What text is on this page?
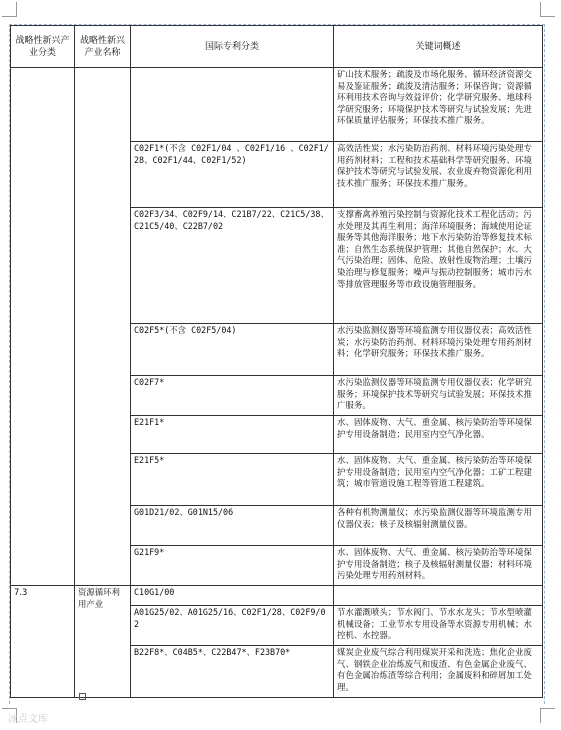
战略性新兴产业分类	战略性新兴产业名称	国际专利分类	关键词概述
			矿山技术服务；疏浚及市场化服务、循环经济资源交易及鉴证服务；疏浚及清洁服务；环保咨询；资源循环利用技术咨询与效益评价；化学研究服务、地球科学研究服务；环境保护技术等研究与试验发展；先进环保质量评估服务；环保技术推广服务。
		C02F1*(不含 C02F1/04 、C02F1/16 、C02F1/28、C02F1/44、C02F1/52)	高效活性炭；水污染防治药剂、材料环境污染处理专用药剂材料；工程和技术基础科学等研究服务、环境保护技术等研究与试验发展、农业废弃物资源化利用技术推广服务；环保技术推广服务。
		C02F3/34、C02F9/14、C21B7/22、C21C5/38、C21C5/40、C22B7/02	支撑畜禽养殖污染控制与资源化技术工程化活动；污水处理及其再生利用；海洋环境服务；海域使用论证服务等其他海洋服务；地下水污染防治等修复技术标准；自然生态系统保护管理；其他自然保护；水、大气污染治理；固体、危险、放射性废物治理；土壤污染治理与修复服务；噪声与振动控制服务；城市污水等排放管理服务等市政设施管理服务。
		C02F5*(不含 C02F5/04)	水污染监测仪器等环境监测专用仪器仪表；高效活性炭；水污染防治药剂、材料环境污染处理专用药剂材料；化学研究服务；环保技术推广服务。
		C02F7*	水污染监测仪器等环境监测专用仪器仪表；化学研究服务；环境保护技术等研究与试验发展；环保技术推广服务。
		E21F1*	水、固体废物、大气、重金属、核污染防治等环境保护专用设备制造；民用室内空气净化器。
		E21F5*	水、固体废物、大气、重金属、核污染防治等环境保护专用设备制造；民用室内空气净化器；工矿工程建筑；城市管道设施工程等管道工程建筑。
		G01D21/02、G01N15/06	各种有机物测量仪；水污染监测仪器等环境监测专用仪器仪表；核子及核辐射测量仪器。
		G21F9*	水、固体废物、大气、重金属、核污染防治等环境保护专用设备制造；核子及核辐射测量仪器；材料环境污染处理专用药剂材料。
7.3	资源循环利用产业	C10G1/00	
		A01G25/02、A01G25/16、C02F1/28、C02F9/02	节水灌溉喷头；节水阀门、节水水龙头；节水型喷灌机械设备；工业节水专用设备等水资源专用机械；水控机、水控器。
		B22F8*、C04B5*、C22B47*、F23B70*	煤炭企业废气综合利用煤炭开采和洗选；焦化企业废气、钢铁企业冶炼废气和废渣、有色金属企业废气、有色金属冶炼渣等综合利用；金属废料和碎屑加工处理。
冰点文库
